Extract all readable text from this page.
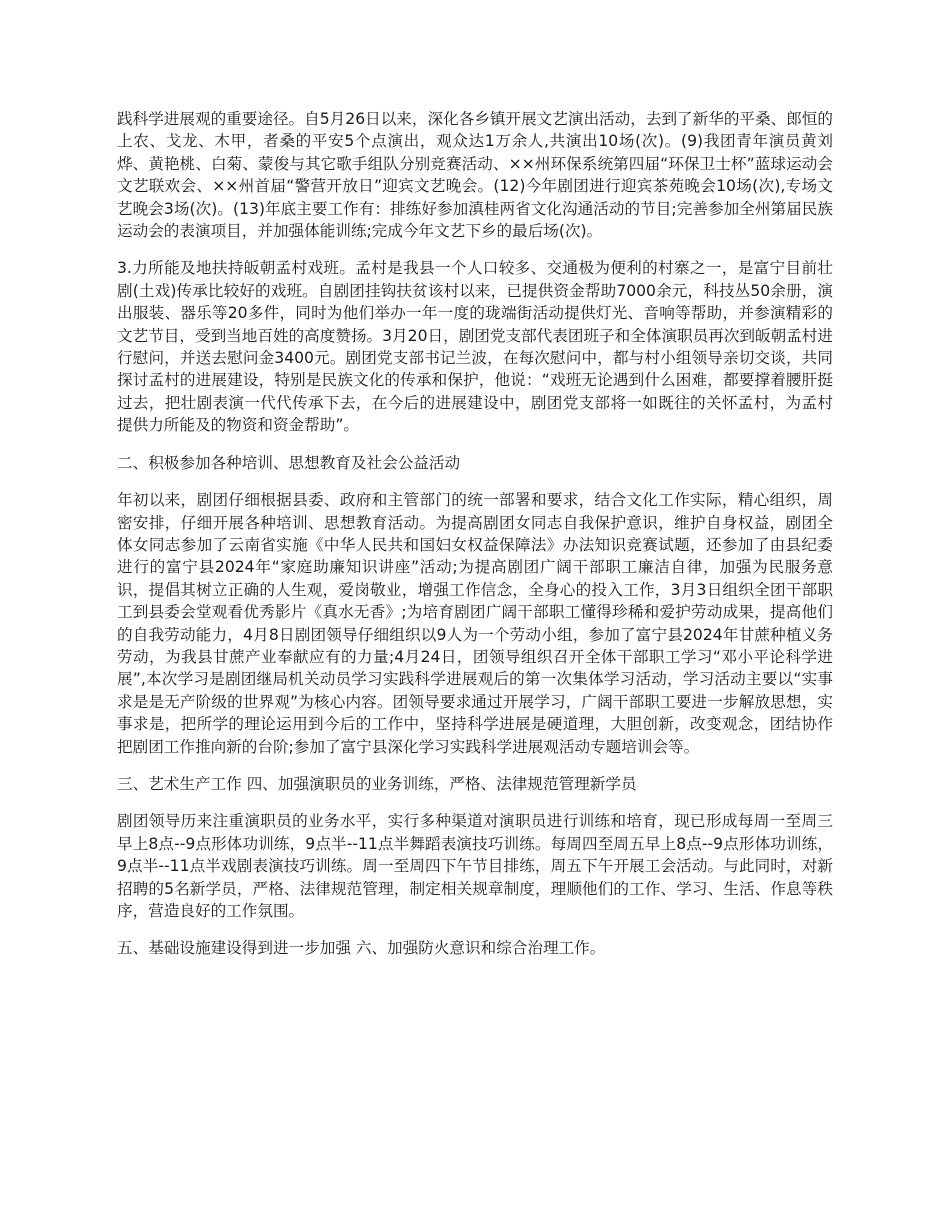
践科学进展观的重要途径。自5月26日以来，深化各乡镇开展文艺演出活动，去到了新华的平桑、郎恒的上农、戈龙、木甲，者桑的平安5个点演出，观众达1万余人,共演出10场(次)。(9)我团青年演员黄刘烨、黄艳桃、白菊、蒙俊与其它歌手组队分别竞赛活动、××州环保系统第四届“环保卫士杯”蓝球运动会文艺联欢会、××州首届“警营开放日”迎宾文艺晚会。(12)今年剧团进行迎宾茶苑晚会10场(次),专场文艺晚会3场(次)。(13)年底主要工作有：排练好参加滇桂两省文化沟通活动的节目;完善参加全州第届民族运动会的表演项目，并加强体能训练;完成今年文艺下乡的最后场(次)。

3.力所能及地扶持皈朝孟村戏班。孟村是我县一个人口较多、交通极为便利的村寨之一，是富宁目前壮剧(土戏)传承比较好的戏班。自剧团挂钩扶贫该村以来，已提供资金帮助7000余元，科技丛50余册，演出服装、器乐等20多件，同时为他们举办一年一度的珑端街活动提供灯光、音响等帮助，并参演精彩的文艺节目，受到当地百姓的高度赞扬。3月20日，剧团党支部代表团班子和全体演职员再次到皈朝孟村进行慰问，并送去慰问金3400元。剧团党支部书记兰波，在每次慰问中，都与村小组领导亲切交谈，共同探讨孟村的进展建设，特别是民族文化的传承和保护，他说：“戏班无论遇到什么困难，都要撑着腰肝挺过去，把壮剧表演一代代传承下去，在今后的进展建设中，剧团党支部将一如既往的关怀孟村，为孟村提供力所能及的物资和资金帮助”。

二、积极参加各种培训、思想教育及社会公益活动

年初以来，剧团仔细根据县委、政府和主管部门的统一部署和要求，结合文化工作实际，精心组织，周密安排，仔细开展各种培训、思想教育活动。为提高剧团女同志自我保护意识，维护自身权益，剧团全体女同志参加了云南省实施《中华人民共和国妇女权益保障法》办法知识竞赛试题，还参加了由县纪委进行的富宁县2024年“家庭助廉知识讲座”活动;为提高剧团广阔干部职工廉洁自律，加强为民服务意识，提倡其树立正确的人生观，爱岗敬业，增强工作信念，全身心的投入工作，3月3日组织全团干部职工到县委会堂观看优秀影片《真水无香》;为培育剧团广阔干部职工懂得珍稀和爱护劳动成果，提高他们的自我劳动能力，4月8日剧团领导仔细组织以9人为一个劳动小组，参加了富宁县2024年甘蔗种植义务劳动，为我县甘蔗产业奉献应有的力量;4月24日，团领导组织召开全体干部职工学习“邓小平论科学进展”,本次学习是剧团继局机关动员学习实践科学进展观后的第一次集体学习活动，学习活动主要以“实事求是是无产阶级的世界观”为核心内容。团领导要求通过开展学习，广阔干部职工要进一步解放思想，实事求是，把所学的理论运用到今后的工作中，坚持科学进展是硬道理，大胆创新，改变观念，团结协作把剧团工作推向新的台阶;参加了富宁县深化学习实践科学进展观活动专题培训会等。

三、艺术生产工作 四、加强演职员的业务训练，严格、法律规范管理新学员

剧团领导历来注重演职员的业务水平，实行多种渠道对演职员进行训练和培育，现已形成每周一至周三早上8点--9点形体功训练，9点半--11点半舞蹈表演技巧训练。每周四至周五早上8点--9点形体功训练，9点半--11点半戏剧表演技巧训练。周一至周四下午节目排练，周五下午开展工会活动。与此同时，对新招聘的5名新学员，严格、法律规范管理，制定相关规章制度，理顺他们的工作、学习、生活、作息等秩序，营造良好的工作氛围。

五、基础设施建设得到进一步加强 六、加强防火意识和综合治理工作。
